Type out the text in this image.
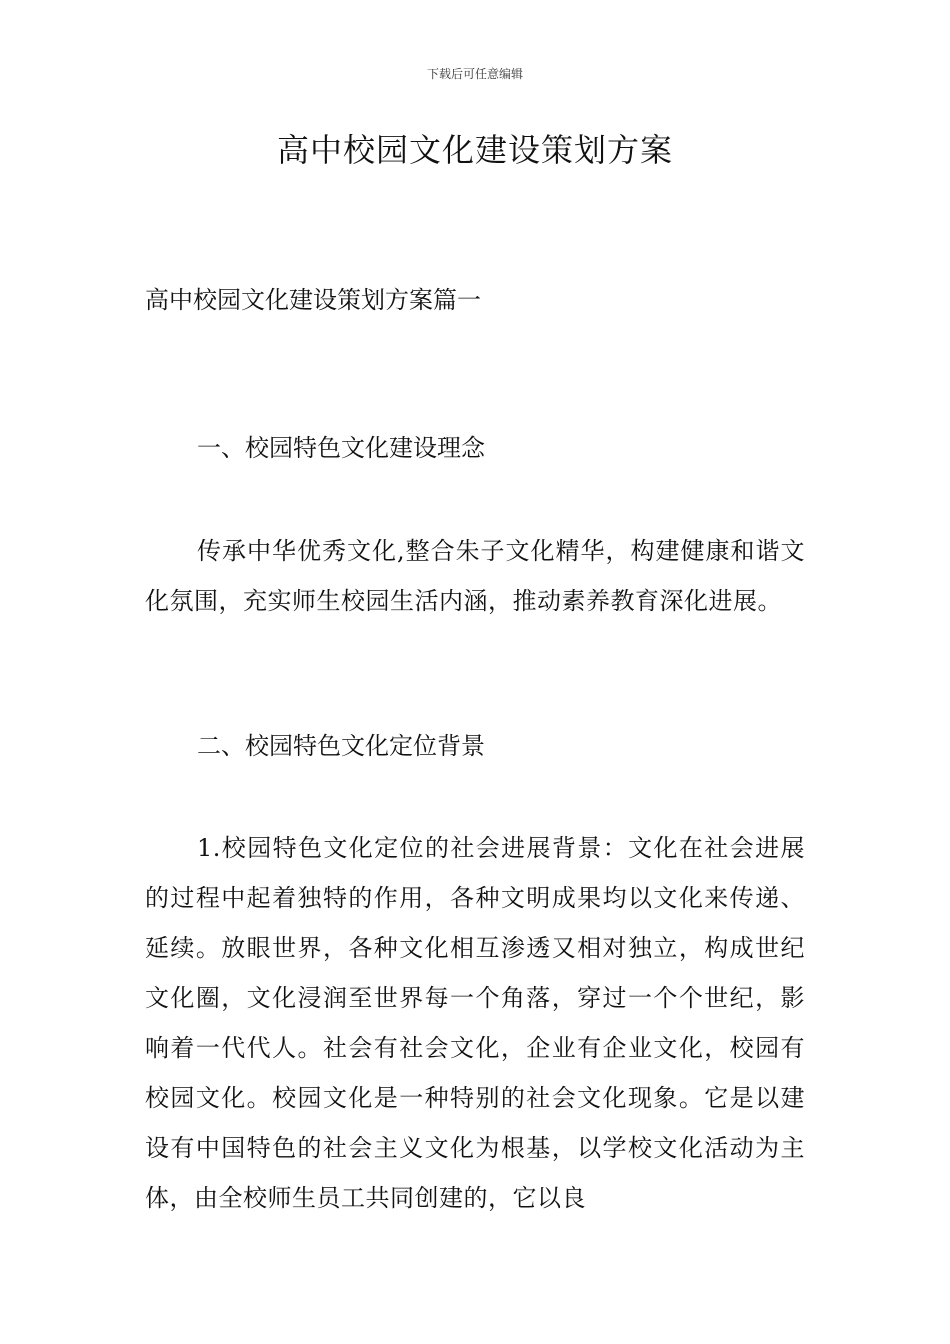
下载后可任意编辑
高中校园文化建设策划方案

高中校园文化建设策划方案篇一

一、校园特色文化建设理念

传承中华优秀文化,整合朱子文化精华，构建健康和谐文化氛围，充实师生校园生活内涵，推动素养教育深化进展。

二、校园特色文化定位背景

1.校园特色文化定位的社会进展背景：文化在社会进展的过程中起着独特的作用，各种文明成果均以文化来传递、延续。放眼世界，各种文化相互渗透又相对独立，构成世纪文化圈，文化浸润至世界每一个角落，穿过一个个世纪，影响着一代代人。社会有社会文化，企业有企业文化，校园有校园文化。校园文化是一种特别的社会文化现象。它是以建设有中国特色的社会主义文化为根基，以学校文化活动为主体，由全校师生员工共同创建的，它以良
